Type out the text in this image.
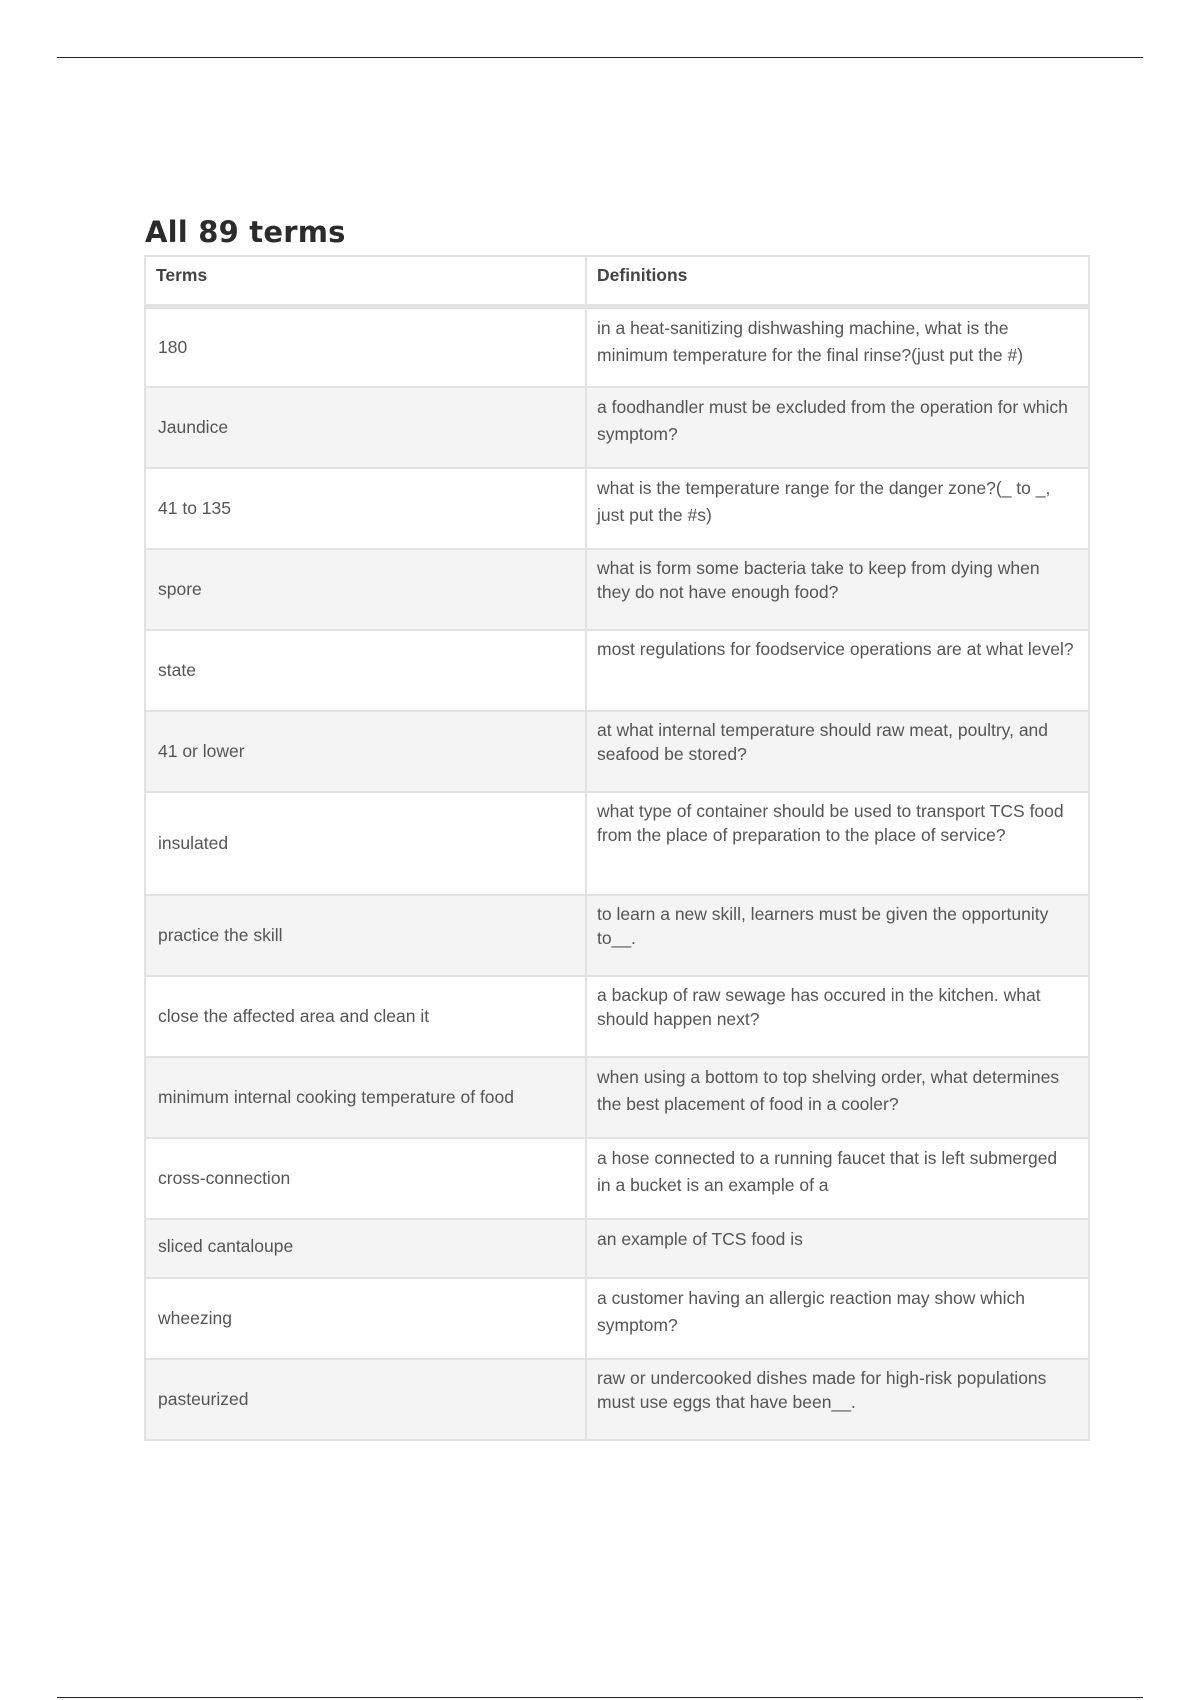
All 89 terms
Terms	Definitions
180	in a heat-sanitizing dishwashing machine, what is the minimum temperature for the final rinse?(just put the #)
Jaundice	a foodhandler must be excluded from the operation for which symptom?
41 to 135	what is the temperature range for the danger zone?(_ to _, just put the #s)
spore	what is form some bacteria take to keep from dying when they do not have enough food?
state	most regulations for foodservice operations are at what level?
41 or lower	at what internal temperature should raw meat, poultry, and seafood be stored?
insulated	what type of container should be used to transport TCS food from the place of preparation to the place of service?
practice the skill	to learn a new skill, learners must be given the opportunity to__.
close the affected area and clean it	a backup of raw sewage has occured in the kitchen. what should happen next?
minimum internal cooking temperature of food	when using a bottom to top shelving order, what determines the best placement of food in a cooler?
cross-connection	a hose connected to a running faucet that is left submerged in a bucket is an example of a
sliced cantaloupe	an example of TCS food is
wheezing	a customer having an allergic reaction may show which symptom?
pasteurized	raw or undercooked dishes made for high-risk populations must use eggs that have been__.
